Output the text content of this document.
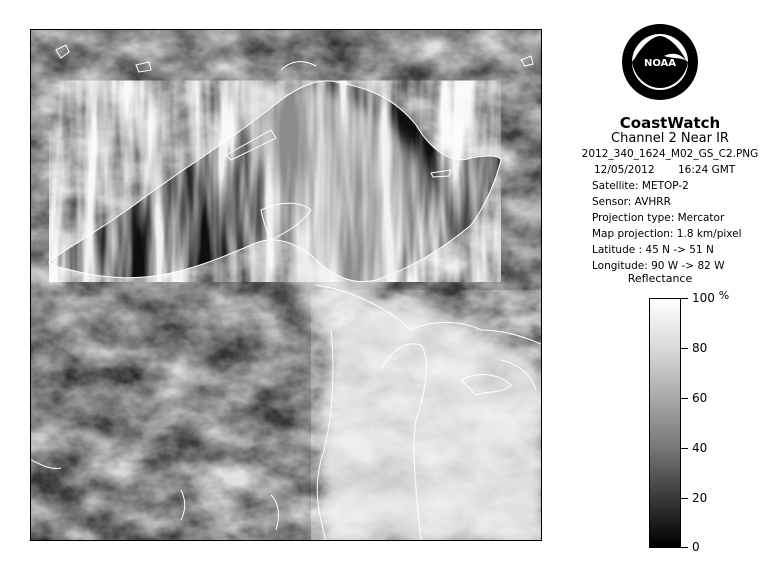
NOAA
CoastWatch
Channel 2 Near IR
2012_340_1624_M02_GS_C2.PNG
12/05/2012 16:24 GMT
Satellite: METOP-2
Sensor: AVHRR
Projection type: Mercator
Map projection: 1.8 km/pixel
Latitude : 45 N -> 51 N
Longitude: 90 W -> 82 W
Reflectance
100 %
80
60
40
20
0
